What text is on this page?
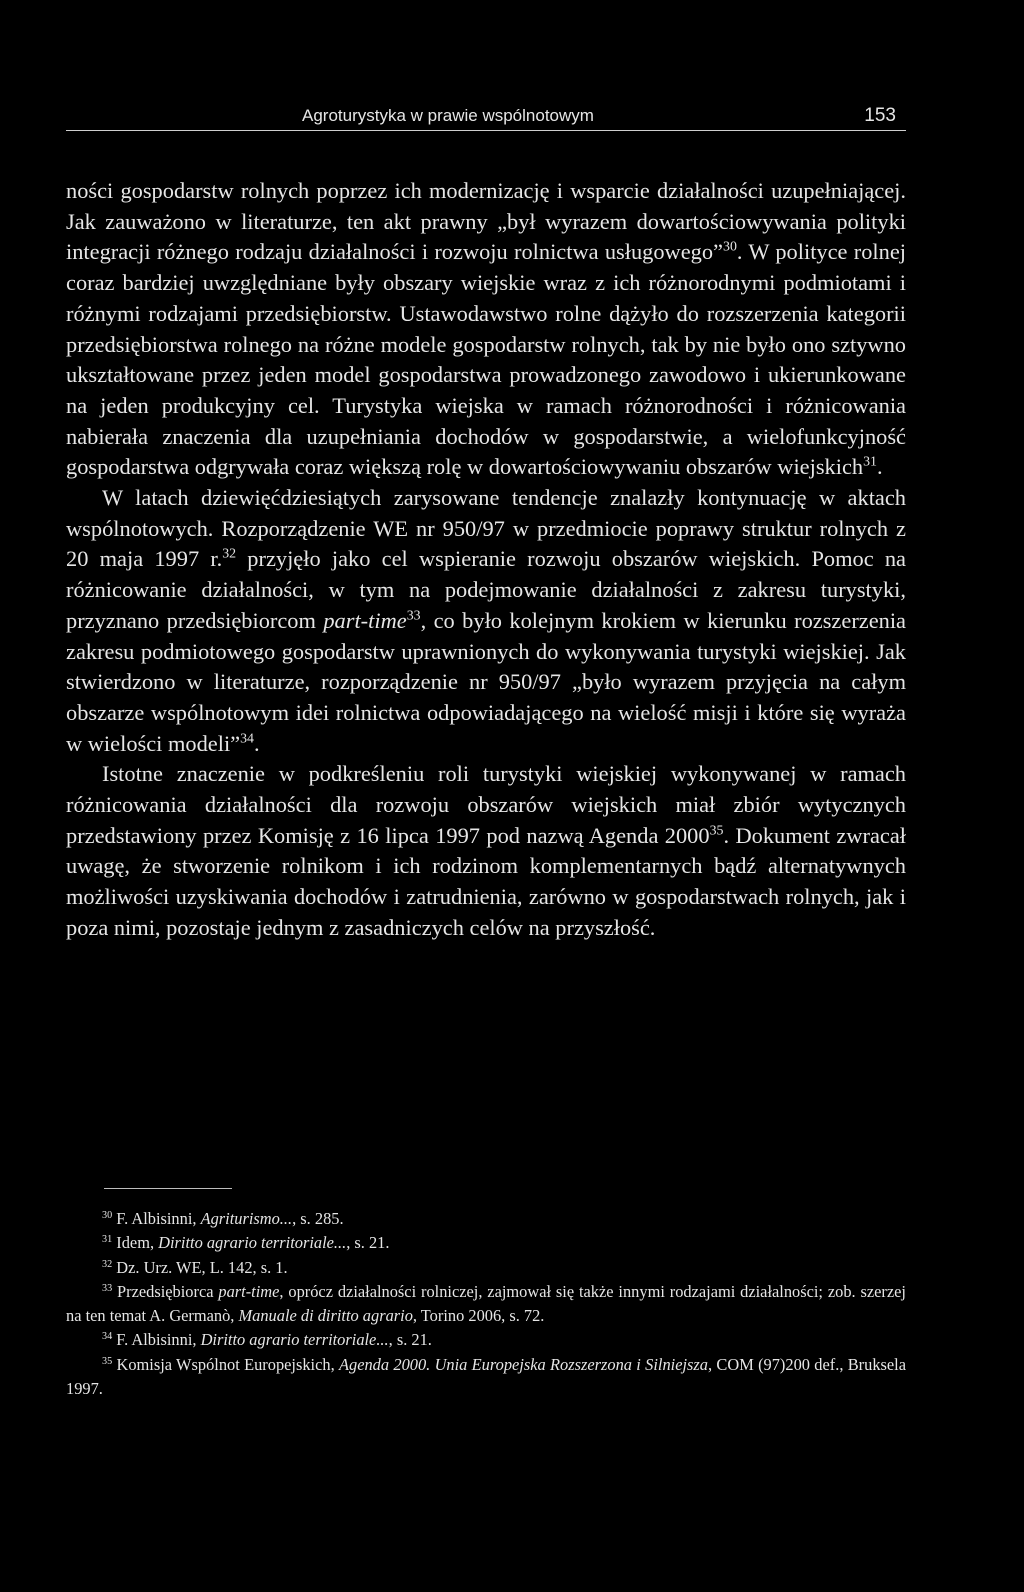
Agroturystyka w prawie wspólnotowym	153

ności gospodarstw rolnych poprzez ich modernizację i wsparcie działalności uzupełniającej. Jak zauważono w literaturze, ten akt prawny „był wyrazem dowartościowywania polityki integracji różnego rodzaju działalności i rozwoju rolnictwa usługowego”$^{30}$. W polityce rolnej coraz bardziej uwzględniane były obszary wiejskie wraz z ich różnorodnymi podmiotami i różnymi rodzajami przedsiębiorstw. Ustawodawstwo rolne dążyło do rozszerzenia kategorii przedsiębiorstwa rolnego na różne modele gospodarstw rolnych, tak by nie było ono sztywno ukształtowane przez jeden model gospodarstwa prowadzonego zawodowo i ukierunkowane na jeden produkcyjny cel. Turystyka wiejska w ramach różnorodności i różnicowania nabierała znaczenia dla uzupełniania dochodów w gospodarstwie, a wielofunkcyjność gospodarstwa odgrywała coraz większą rolę w dowartościowywaniu obszarów wiejskich$^{31}$.

W latach dziewięćdziesiątych zarysowane tendencje znalazły kontynuację w aktach wspólnotowych. Rozporządzenie WE nr 950/97 w przedmiocie poprawy struktur rolnych z 20 maja 1997 r.$^{32}$ przyjęło jako cel wspieranie rozwoju obszarów wiejskich. Pomoc na różnicowanie działalności, w tym na podejmowanie działalności z zakresu turystyki, przyznano przedsiębiorcom part-time$^{33}$, co było kolejnym krokiem w kierunku rozszerzenia zakresu podmiotowego gospodarstw uprawnionych do wykonywania turystyki wiejskiej. Jak stwierdzono w literaturze, rozporządzenie nr 950/97 „było wyrazem przyjęcia na całym obszarze wspólnotowym idei rolnictwa odpowiadającego na wielość misji i które się wyraża w wielości modeli”$^{34}$.

Istotne znaczenie w podkreśleniu roli turystyki wiejskiej wykonywanej w ramach różnicowania działalności dla rozwoju obszarów wiejskich miał zbiór wytycznych przedstawiony przez Komisję z 16 lipca 1997 pod nazwą Agenda 2000$^{35}$. Dokument zwracał uwagę, że stworzenie rolnikom i ich rodzinom komplementarnych bądź alternatywnych możliwości uzyskiwania dochodów i zatrudnienia, zarówno w gospodarstwach rolnych, jak i poza nimi, pozostaje jednym z zasadniczych celów na przyszłość.

$^{30}$ F. Albisinni, Agriturismo..., s. 285.

$^{31}$ Idem, Diritto agrario territoriale..., s. 21.

$^{32}$ Dz. Urz. WE, L. 142, s. 1.

$^{33}$ Przedsiębiorca part-time, oprócz działalności rolniczej, zajmował się także innymi rodzajami działalności; zob. szerzej na ten temat A. Germanò, Manuale di diritto agrario, Torino 2006, s. 72.

$^{34}$ F. Albisinni, Diritto agrario territoriale..., s. 21.

$^{35}$ Komisja Wspólnot Europejskich, Agenda 2000. Unia Europejska Rozszerzona i Silniejsza, COM (97)200 def., Bruksela 1997.
